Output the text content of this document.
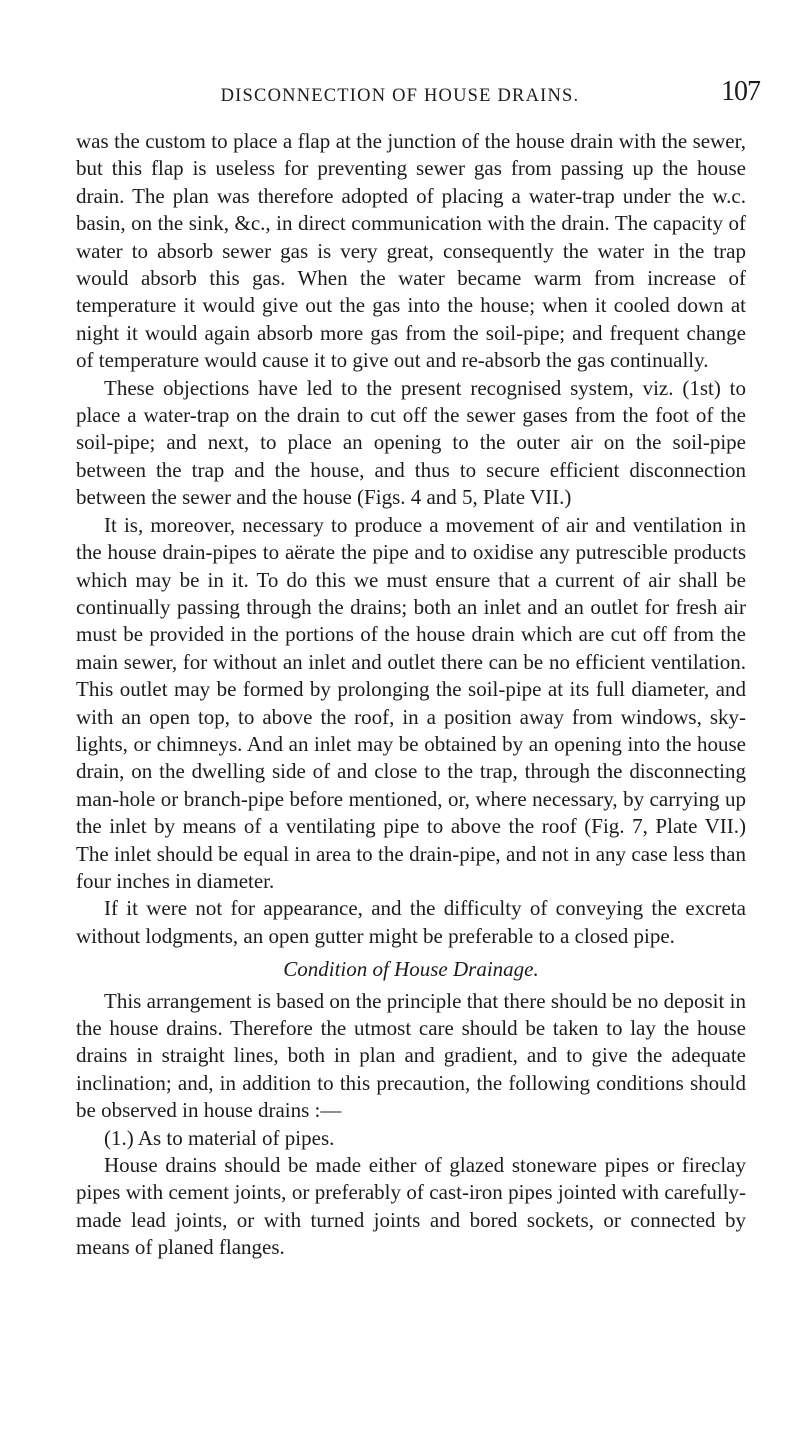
DISCONNECTION OF HOUSE DRAINS.	107

was the custom to place a flap at the junction of the house drain with the sewer, but this flap is useless for preventing sewer gas from passing up the house drain. The plan was therefore adopted of placing a water-trap under the w.c. basin, on the sink, &c., in direct communication with the drain. The capacity of water to absorb sewer gas is very great, consequently the water in the trap would absorb this gas. When the water became warm from increase of temperature it would give out the gas into the house; when it cooled down at night it would again absorb more gas from the soil-pipe; and frequent change of temperature would cause it to give out and re-absorb the gas continually.

These objections have led to the present recognised system, viz. (1st) to place a water-trap on the drain to cut off the sewer gases from the foot of the soil-pipe; and next, to place an opening to the outer air on the soil-pipe between the trap and the house, and thus to secure efficient disconnection between the sewer and the house (Figs. 4 and 5, Plate VII.)

It is, moreover, necessary to produce a movement of air and ventilation in the house drain-pipes to aërate the pipe and to oxidise any putrescible products which may be in it. To do this we must ensure that a current of air shall be continually passing through the drains; both an inlet and an outlet for fresh air must be provided in the portions of the house drain which are cut off from the main sewer, for without an inlet and outlet there can be no efficient ventilation. This outlet may be formed by prolonging the soil-pipe at its full diameter, and with an open top, to above the roof, in a position away from windows, skylights, or chimneys. And an inlet may be obtained by an opening into the house drain, on the dwelling side of and close to the trap, through the disconnecting man-hole or branch-pipe before mentioned, or, where necessary, by carrying up the inlet by means of a ventilating pipe to above the roof (Fig. 7, Plate VII.) The inlet should be equal in area to the drain-pipe, and not in any case less than four inches in diameter.

If it were not for appearance, and the difficulty of conveying the excreta without lodgments, an open gutter might be preferable to a closed pipe.

Condition of House Drainage.

This arrangement is based on the principle that there should be no deposit in the house drains. Therefore the utmost care should be taken to lay the house drains in straight lines, both in plan and gradient, and to give the adequate inclination; and, in addition to this precaution, the following conditions should be observed in house drains :—

(1.) As to material of pipes.

House drains should be made either of glazed stoneware pipes or fireclay pipes with cement joints, or preferably of cast-iron pipes jointed with carefully-made lead joints, or with turned joints and bored sockets, or connected by means of planed flanges.
